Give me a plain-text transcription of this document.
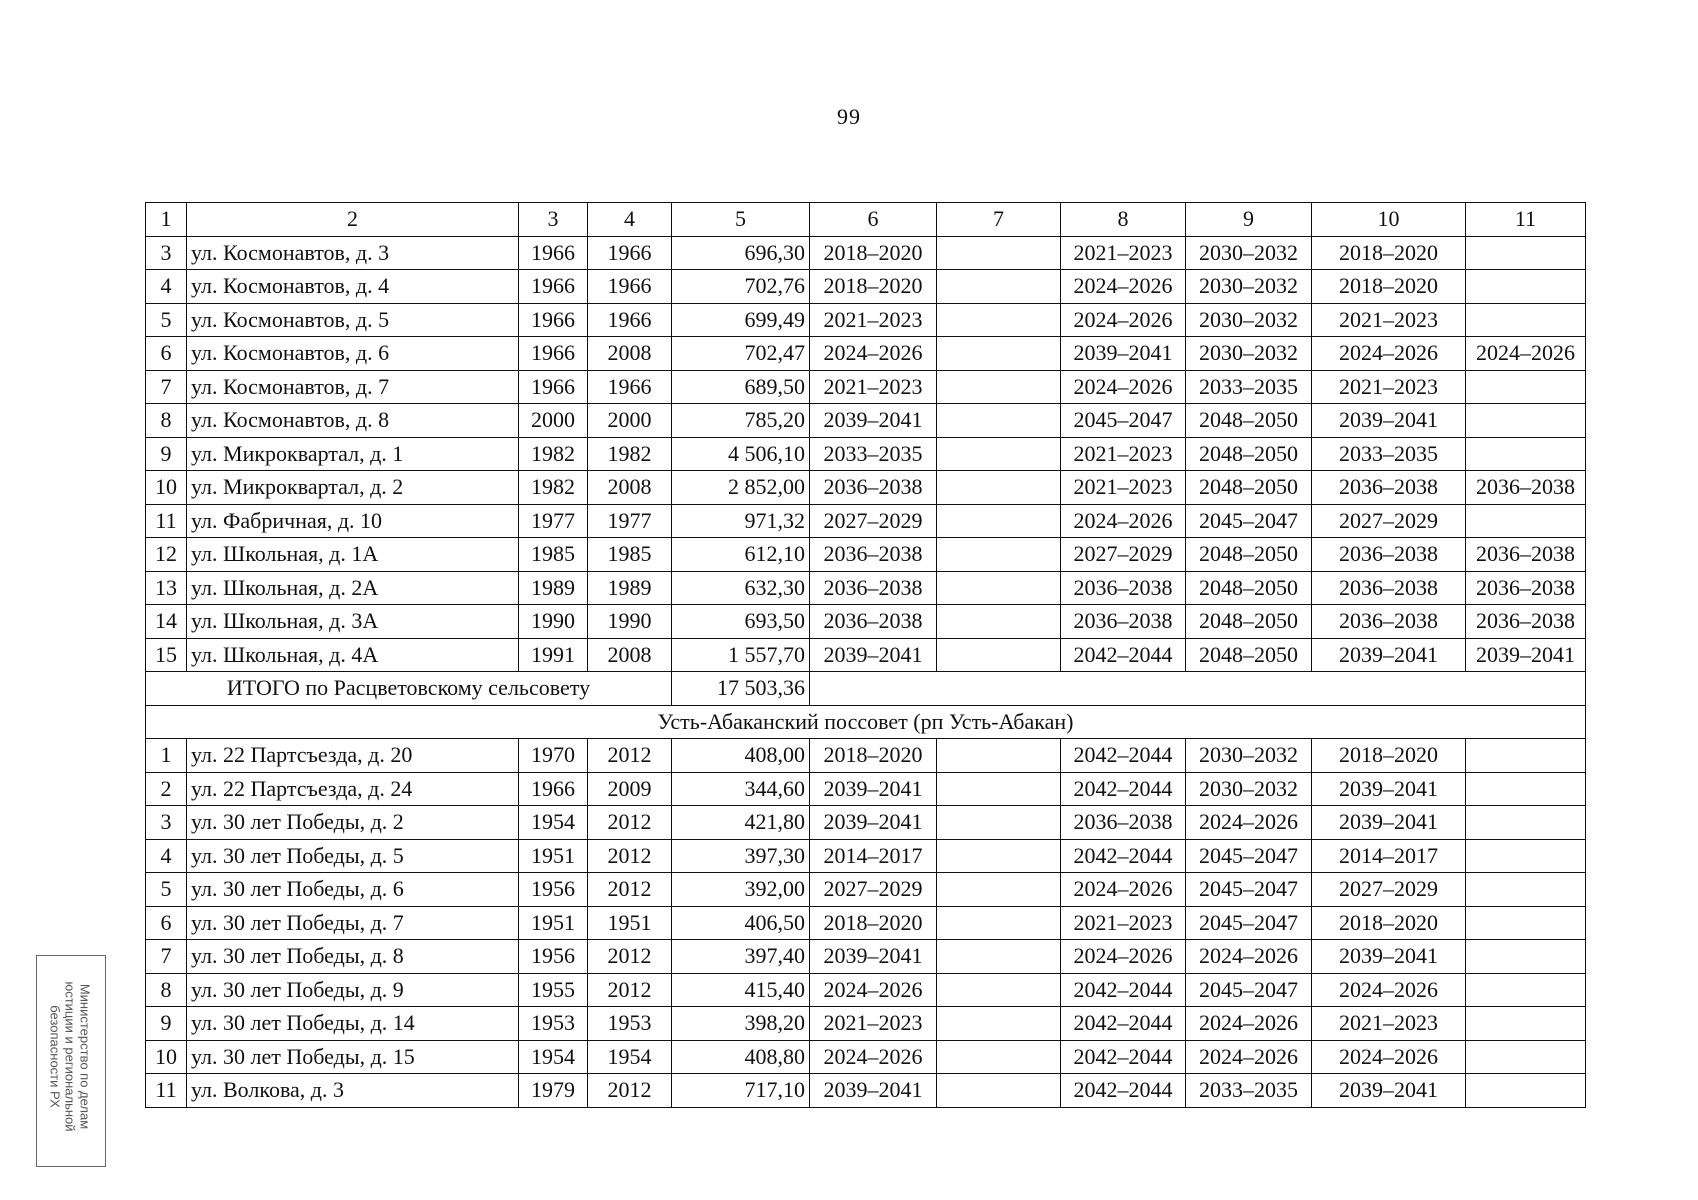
99
1	2	3	4	5	6	7	8	9	10	11
3	ул. Космонавтов, д. 3	1966	1966	696,30	2018–2020		2021–2023	2030–2032	2018–2020	
4	ул. Космонавтов, д. 4	1966	1966	702,76	2018–2020		2024–2026	2030–2032	2018–2020	
5	ул. Космонавтов, д. 5	1966	1966	699,49	2021–2023		2024–2026	2030–2032	2021–2023	
6	ул. Космонавтов, д. 6	1966	2008	702,47	2024–2026		2039–2041	2030–2032	2024–2026	2024–2026
7	ул. Космонавтов, д. 7	1966	1966	689,50	2021–2023		2024–2026	2033–2035	2021–2023	
8	ул. Космонавтов, д. 8	2000	2000	785,20	2039–2041		2045–2047	2048–2050	2039–2041	
9	ул. Микроквартал, д. 1	1982	1982	4 506,10	2033–2035		2021–2023	2048–2050	2033–2035	
10	ул. Микроквартал, д. 2	1982	2008	2 852,00	2036–2038		2021–2023	2048–2050	2036–2038	2036–2038
11	ул. Фабричная, д. 10	1977	1977	971,32	2027–2029		2024–2026	2045–2047	2027–2029	
12	ул. Школьная, д. 1А	1985	1985	612,10	2036–2038		2027–2029	2048–2050	2036–2038	2036–2038
13	ул. Школьная, д. 2А	1989	1989	632,30	2036–2038		2036–2038	2048–2050	2036–2038	2036–2038
14	ул. Школьная, д. 3А	1990	1990	693,50	2036–2038		2036–2038	2048–2050	2036–2038	2036–2038
15	ул. Школьная, д. 4А	1991	2008	1 557,70	2039–2041		2042–2044	2048–2050	2039–2041	2039–2041
ИТОГО по Расцветовскому сельсовету				17 503,36						
Усть-Абаканский поссовет (рп Усть-Абакан)										
1	ул. 22 Партсъезда, д. 20	1970	2012	408,00	2018–2020		2042–2044	2030–2032	2018–2020	
2	ул. 22 Партсъезда, д. 24	1966	2009	344,60	2039–2041		2042–2044	2030–2032	2039–2041	
3	ул. 30 лет Победы, д. 2	1954	2012	421,80	2039–2041		2036–2038	2024–2026	2039–2041	
4	ул. 30 лет Победы, д. 5	1951	2012	397,30	2014–2017		2042–2044	2045–2047	2014–2017	
5	ул. 30 лет Победы, д. 6	1956	2012	392,00	2027–2029		2024–2026	2045–2047	2027–2029	
6	ул. 30 лет Победы, д. 7	1951	1951	406,50	2018–2020		2021–2023	2045–2047	2018–2020	
7	ул. 30 лет Победы, д. 8	1956	2012	397,40	2039–2041		2024–2026	2024–2026	2039–2041	
8	ул. 30 лет Победы, д. 9	1955	2012	415,40	2024–2026		2042–2044	2045–2047	2024–2026	
9	ул. 30 лет Победы, д. 14	1953	1953	398,20	2021–2023		2042–2044	2024–2026	2021–2023	
10	ул. 30 лет Победы, д. 15	1954	1954	408,80	2024–2026		2042–2044	2024–2026	2024–2026	
11	ул. Волкова, д. 3	1979	2012	717,10	2039–2041		2042–2044	2033–2035	2039–2041	
Министерство по делам
юстиции и региональной
безопасности РХ
